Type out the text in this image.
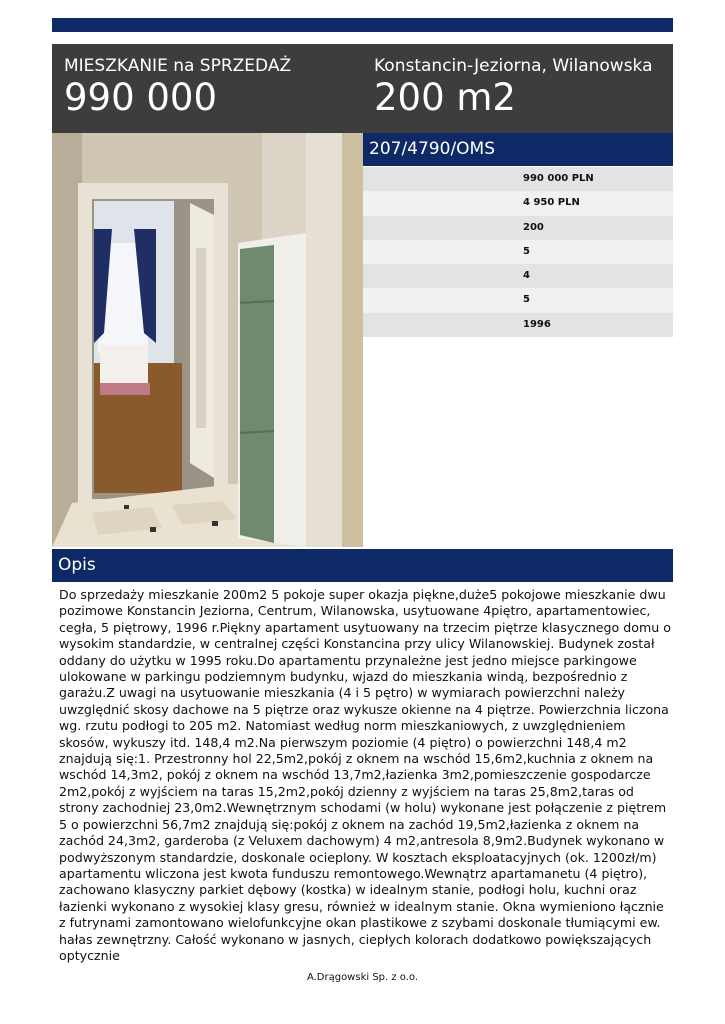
MIESZKANIE na SPRZEDAŻ
990 000
Konstancin-Jeziorna, Wilanowska
200 m2
207/4790/OMS
990 000 PLN
4 950 PLN
200
5
4
5
1996
Opis
Do sprzedaży mieszkanie 200m2 5 pokoje super okazja piękne,duże5 pokojowe mieszkanie dwu pozimowe Konstancin Jeziorna, Centrum, Wilanowska, usytuowane 4piętro, apartamentowiec, cegła, 5 piętrowy, 1996 r.Piękny apartament usytuowany na trzecim piętrze klasycznego domu o wysokim standardzie, w centralnej części Konstancina przy ulicy Wilanowskiej. Budynek został oddany do użytku w 1995 roku.Do apartamentu przynależne jest jedno miejsce parkingowe ulokowane w parkingu podziemnym budynku, wjazd do mieszkania windą, bezpośrednio z garażu.Z uwagi na usytuowanie mieszkania (4 i 5 pętro) w wymiarach powierzchni należy uwzględnić skosy dachowe na 5 piętrze oraz wykusze okienne na 4 piętrze. Powierzchnia liczona wg. rzutu podłogi to 205 m2. Natomiast według norm mieszkaniowych, z uwzględnieniem skosów, wykuszy itd. 148,4 m2.Na pierwszym poziomie (4 piętro) o powierzchni 148,4 m2 znajdują się:1. Przestronny hol 22,5m2,pokój z oknem na wschód 15,6m2,kuchnia z oknem na wschód 14,3m2, pokój z oknem na wschód 13,7m2,łazienka 3m2,pomieszczenie gospodarcze 2m2,pokój z wyjściem na taras 15,2m2,pokój dzienny z wyjściem na taras 25,8m2,taras od strony zachodniej 23,0m2.Wewnętrznym schodami (w holu) wykonane jest połączenie z piętrem 5 o powierzchni 56,7m2 znajdują się:pokój z oknem na zachód 19,5m2,łazienka z oknem na zachód 24,3m2, garderoba (z Veluxem dachowym) 4 m2,antresola 8,9m2.Budynek wykonano w podwyższonym standardzie, doskonale ocieplony. W kosztach eksploatacyjnych (ok. 1200zł/m) apartamentu wliczona jest kwota funduszu remontowego.Wewnątrz apartamanetu (4 piętro), zachowano klasyczny parkiet dębowy (kostka) w idealnym stanie, podłogi holu, kuchni oraz łazienki wykonano z wysokiej klasy gresu, również w idealnym stanie. Okna wymieniono łącznie z futrynami zamontowano wielofunkcyjne okan plastikowe z szybami doskonale tłumiącymi ew. hałas zewnętrzny. Całość wykonano w jasnych, ciepłych kolorach dodatkowo powiększających optycznie
A.Drągowski Sp. z o.o.
